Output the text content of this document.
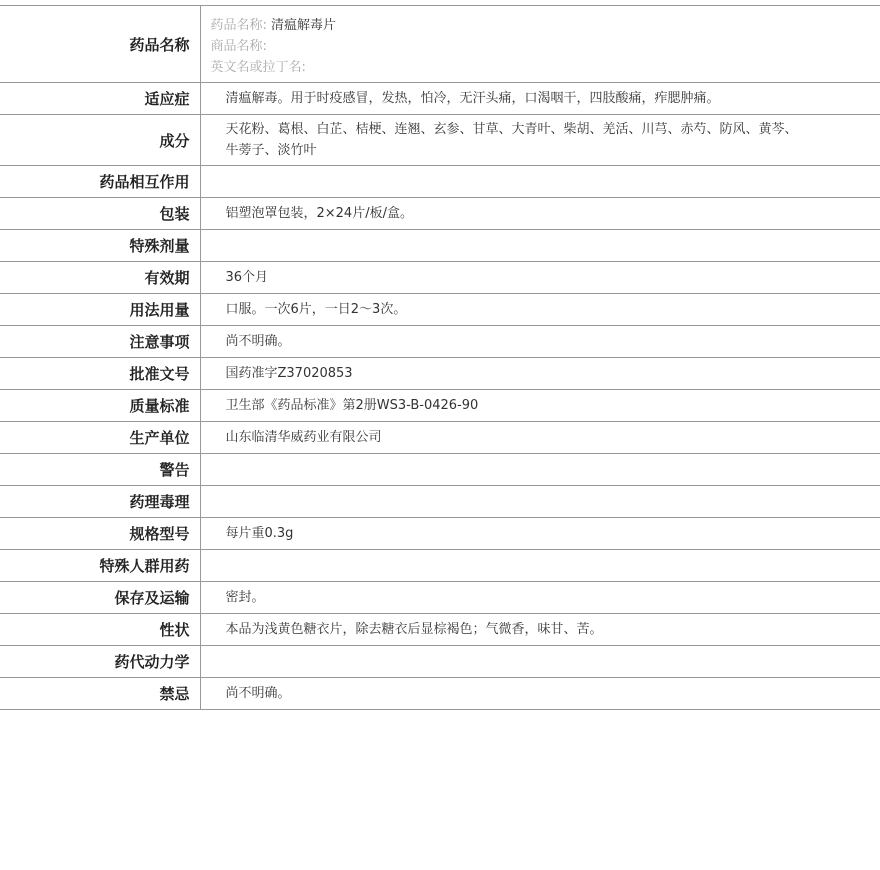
药品名称	药品名称: 清瘟解毒片
商品名称:
英文名或拉丁名:

适应症	清瘟解毒。用于时疫感冒，发热，怕冷，无汗头痛，口渴咽干，四肢酸痛，痄腮肿痛。
成分	天花粉、葛根、白芷、桔梗、连翘、玄参、甘草、大青叶、柴胡、羌活、川芎、赤芍、防风、黄芩、牛蒡子、淡竹叶
药品相互作用	
包装	铝塑泡罩包装，2×24片/板/盒。
特殊剂量	
有效期	36个月
用法用量	口服。一次6片，一日2～3次。
注意事项	尚不明确。
批准文号	国药准字Z37020853
质量标准	卫生部《药品标准》第2册WS3-B-0426-90
生产单位	山东临清华威药业有限公司
警告	
药理毒理	
规格型号	每片重0.3g
特殊人群用药	
保存及运输	密封。
性状	本品为浅黄色糖衣片，除去糖衣后显棕褐色；气微香，味甘、苦。
药代动力学	
禁忌	尚不明确。
